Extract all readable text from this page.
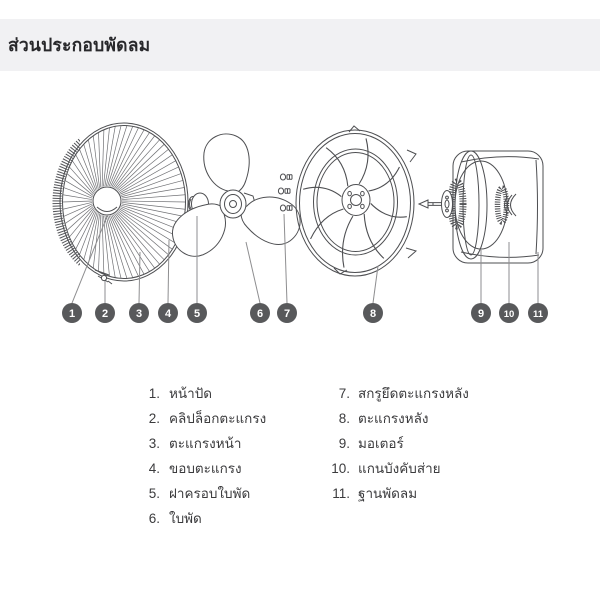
ส่วนประกอบพัดลม
1 2	3 4 5	6 7	8	9 10 11
1. หน้าปัด
2. คลิปล็อกตะแกรง
3. ตะแกรงหน้า
4. ขอบตะแกรง
5. ฝาครอบใบพัด
6. ใบพัด
7. สกรูยึดตะแกรงหลัง
8. ตะแกรงหลัง
9. มอเตอร์
10. แกนบังคับส่าย
11. ฐานพัดลม
